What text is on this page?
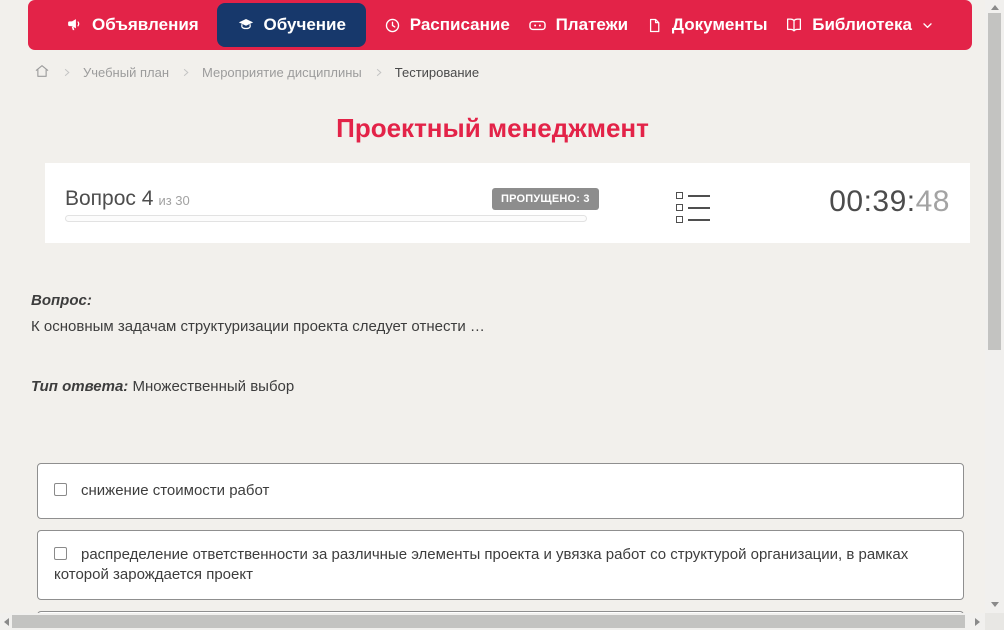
Объявления	Обучение	Расписание	Платежи	Документы	Библиотека
Учебный план	Мероприятие дисциплины	Тестирование
Проектный менеджмент
Вопрос 4 из 30	ПРОПУЩЕНО: 3	00:39:48
Вопрос:
К основным задачам структуризации проекта следует отнести …
Тип ответа: Множественный выбор
снижение стоимости работ
распределение ответственности за различные элементы проекта и увязка работ со структурой организации, в рамках которой зарождается проект
